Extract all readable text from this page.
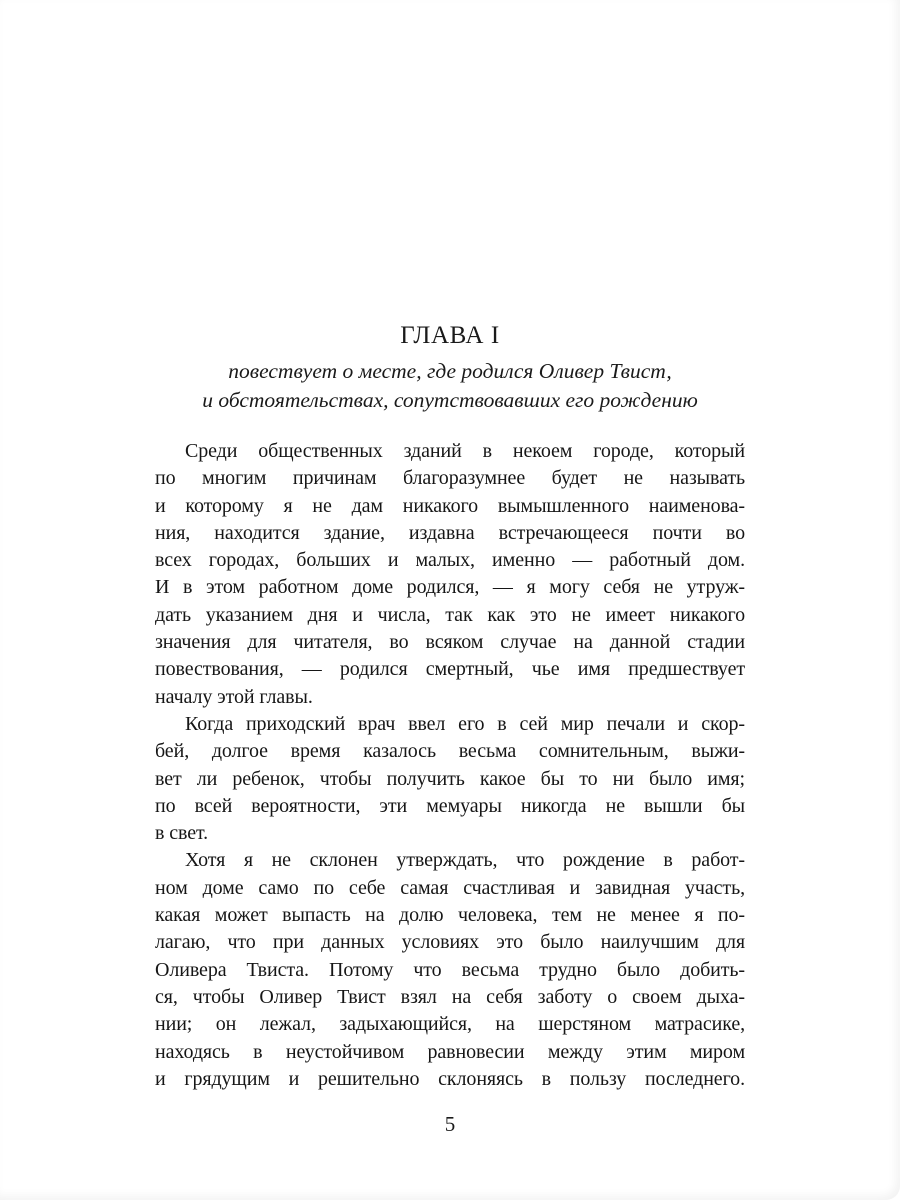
ГЛАВА I
повествует о месте, где родился Оливер Твист,
и обстоятельствах, сопутствовавших его рождению
Среди общественных зданий в некоем городе, который
по многим причинам благоразумнее будет не называть
и которому я не дам никакого вымышленного наименова-
ния, находится здание, издавна встречающееся почти во
всех городах, больших и малых, именно — работный дом.
И в этом работном доме родился, — я могу себя не утруж-
дать указанием дня и числа, так как это не имеет никакого
значения для читателя, во всяком случае на данной стадии
повествования, — родился смертный, чье имя предшествует
началу этой главы.
Когда приходский врач ввел его в сей мир печали и скор-
бей, долгое время казалось весьма сомнительным, выжи-
вет ли ребенок, чтобы получить какое бы то ни было имя;
по всей вероятности, эти мемуары никогда не вышли бы
в свет.
Хотя я не склонен утверждать, что рождение в работ-
ном доме само по себе самая счастливая и завидная участь,
какая может выпасть на долю человека, тем не менее я по-
лагаю, что при данных условиях это было наилучшим для
Оливера Твиста. Потому что весьма трудно было добить-
ся, чтобы Оливер Твист взял на себя заботу о своем дыха-
нии; он лежал, задыхающийся, на шерстяном матрасике,
находясь в неустойчивом равновесии между этим миром
и грядущим и решительно склоняясь в пользу последнего.
5
